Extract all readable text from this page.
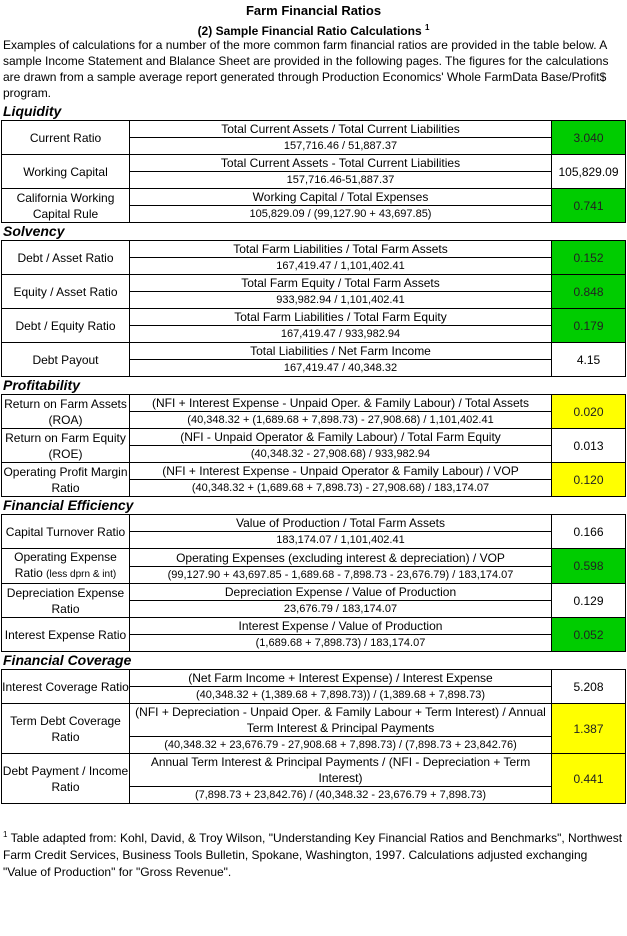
Farm Financial Ratios
(2) Sample Financial Ratio Calculations $^1$
Examples of calculations for a number of the more common farm financial ratios are provided in the table below. A sample Income Statement and Blalance Sheet are provided in the following pages. The figures for the calculations are drawn from a sample average report generated through Production Economics' Whole FarmData Base/Profit$ program.
Liquidity
Current Ratio	Total Current Assets / Total Current Liabilities
157,716.46 / 51,887.37	3.040
Working Capital	Total Current Assets - Total Current Liabilities
157,716.46-51,887.37	105,829.09
California Working Capital Rule	Working Capital / Total Expenses
105,829.09 / (99,127.90 + 43,697.85)	0.741
Solvency
Debt / Asset Ratio	Total Farm Liabilities / Total Farm Assets
167,419.47 / 1,101,402.41	0.152
Equity / Asset Ratio	Total Farm Equity / Total Farm Assets
933,982.94 / 1,101,402.41	0.848
Debt / Equity Ratio	Total Farm Liabilities / Total Farm Equity
167,419.47 / 933,982.94	0.179
Debt Payout	Total Liabilities / Net Farm Income
167,419.47 / 40,348.32	4.15
Profitability
Return on Farm Assets (ROA)	(NFI + Interest Expense - Unpaid Oper. & Family Labour) / Total Assets
(40,348.32 + (1,689.68 + 7,898.73) - 27,908.68) / 1,101,402.41	0.020
Return on Farm Equity (ROE)	(NFI - Unpaid Operator & Family Labour) / Total Farm Equity
(40,348.32 - 27,908.68) / 933,982.94	0.013
Operating Profit Margin Ratio	(NFI + Interest Expense - Unpaid Operator & Family Labour) / VOP
(40,348.32 + (1,689.68 + 7,898.73) - 27,908.68) / 183,174.07	0.120
Financial Efficiency
Capital Turnover Ratio	Value of Production / Total Farm Assets
183,174.07 / 1,101,402.41	0.166
Operating Expense Ratio (less dprn & int)	Operating Expenses (excluding interest & depreciation) / VOP
(99,127.90 + 43,697.85 - 1,689.68 - 7,898.73 - 23,676.79) / 183,174.07	0.598
Depreciation Expense Ratio	Depreciation Expense / Value of Production
23,676.79 / 183,174.07	0.129
Interest Expense Ratio	Interest Expense / Value of Production
(1,689.68 + 7,898.73) / 183,174.07	0.052
Financial Coverage
Interest Coverage Ratio	(Net Farm Income + Interest Expense) / Interest Expense
(40,348.32 + (1,389.68 + 7,898.73)) / (1,389.68 + 7,898.73)	5.208
Term Debt Coverage Ratio	(NFI + Depreciation - Unpaid Oper. & Family Labour + Term Interest) / Annual Term Interest & Principal Payments
(40,348.32 + 23,676.79 - 27,908.68 + 7,898.73) / (7,898.73 + 23,842.76)	1.387
Debt Payment / Income Ratio	Annual Term Interest & Principal Payments / (NFI - Depreciation + Term Interest)
(7,898.73 + 23,842.76) / (40,348.32 - 23,676.79 + 7,898.73)	0.441
$^1$ Table adapted from: Kohl, David, & Troy Wilson, "Understanding Key Financial Ratios and Benchmarks", Northwest Farm Credit Services, Business Tools Bulletin, Spokane, Washington, 1997. Calculations adjusted exchanging "Value of Production" for "Gross Revenue".
